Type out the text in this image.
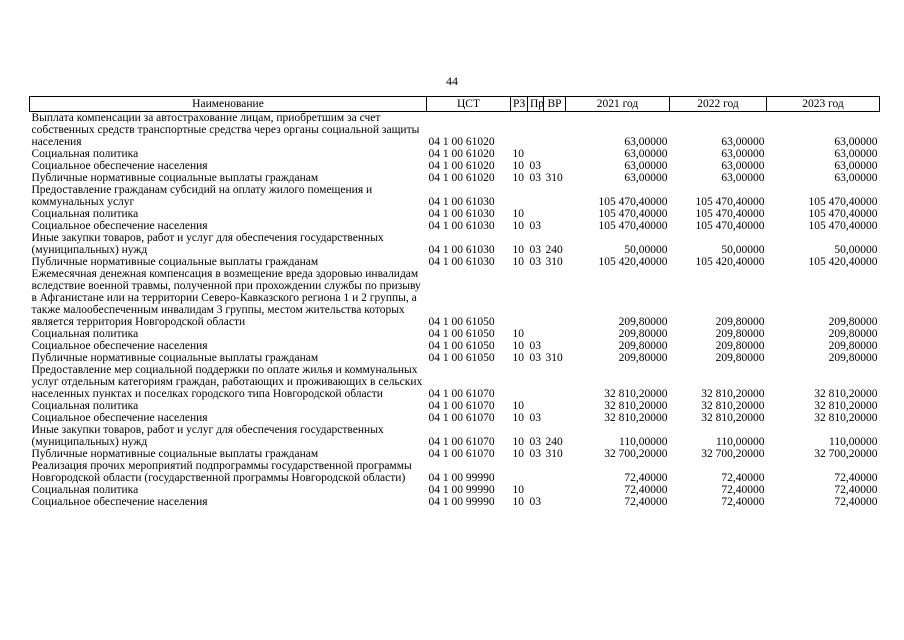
44
Наименование	ЦСТ	РЗ	Пр	ВР	2021 год	2022 год	2023 год
Выплата компенсации за автострахование лицам, приобретшим за счет собственных средств транспортные средства через органы социальной защиты населения	04 1 00 61020				63,00000	63,00000	63,00000
Социальная политика	04 1 00 61020	10			63,00000	63,00000	63,00000
Социальное обеспечение населения	04 1 00 61020	10	03		63,00000	63,00000	63,00000
Публичные нормативные социальные выплаты гражданам	04 1 00 61020	10	03	310	63,00000	63,00000	63,00000
Предоставление гражданам субсидий на оплату жилого помещения и коммунальных услуг	04 1 00 61030				105 470,40000	105 470,40000	105 470,40000
Социальная политика	04 1 00 61030	10			105 470,40000	105 470,40000	105 470,40000
Социальное обеспечение населения	04 1 00 61030	10	03		105 470,40000	105 470,40000	105 470,40000
Иные закупки товаров, работ и услуг для обеспечения государственных (муниципальных) нужд	04 1 00 61030	10	03	240	50,00000	50,00000	50,00000
Публичные нормативные социальные выплаты гражданам	04 1 00 61030	10	03	310	105 420,40000	105 420,40000	105 420,40000
Ежемесячная денежная компенсация в возмещение вреда здоровью инвалидам вследствие военной травмы, полученной при прохождении службы по призыву в Афганистане или на территории Северо-Кавказского региона 1 и 2 группы, а также малообеспеченным инвалидам 3 группы, местом жительства которых является территория Новгородской области	04 1 00 61050				209,80000	209,80000	209,80000
Социальная политика	04 1 00 61050	10			209,80000	209,80000	209,80000
Социальное обеспечение населения	04 1 00 61050	10	03		209,80000	209,80000	209,80000
Публичные нормативные социальные выплаты гражданам	04 1 00 61050	10	03	310	209,80000	209,80000	209,80000
Предоставление мер социальной поддержки по оплате жилья и коммунальных услуг отдельным категориям граждан, работающих и проживающих в сельских населенных пунктах и поселках городского типа Новгородской области	04 1 00 61070				32 810,20000	32 810,20000	32 810,20000
Социальная политика	04 1 00 61070	10			32 810,20000	32 810,20000	32 810,20000
Социальное обеспечение населения	04 1 00 61070	10	03		32 810,20000	32 810,20000	32 810,20000
Иные закупки товаров, работ и услуг для обеспечения государственных (муниципальных) нужд	04 1 00 61070	10	03	240	110,00000	110,00000	110,00000
Публичные нормативные социальные выплаты гражданам	04 1 00 61070	10	03	310	32 700,20000	32 700,20000	32 700,20000
Реализация прочих мероприятий подпрограммы государственной программы Новгородской области (государственной программы Новгородской области)	04 1 00 99990				72,40000	72,40000	72,40000
Социальная политика	04 1 00 99990	10			72,40000	72,40000	72,40000
Социальное обеспечение населения	04 1 00 99990	10	03		72,40000	72,40000	72,40000
